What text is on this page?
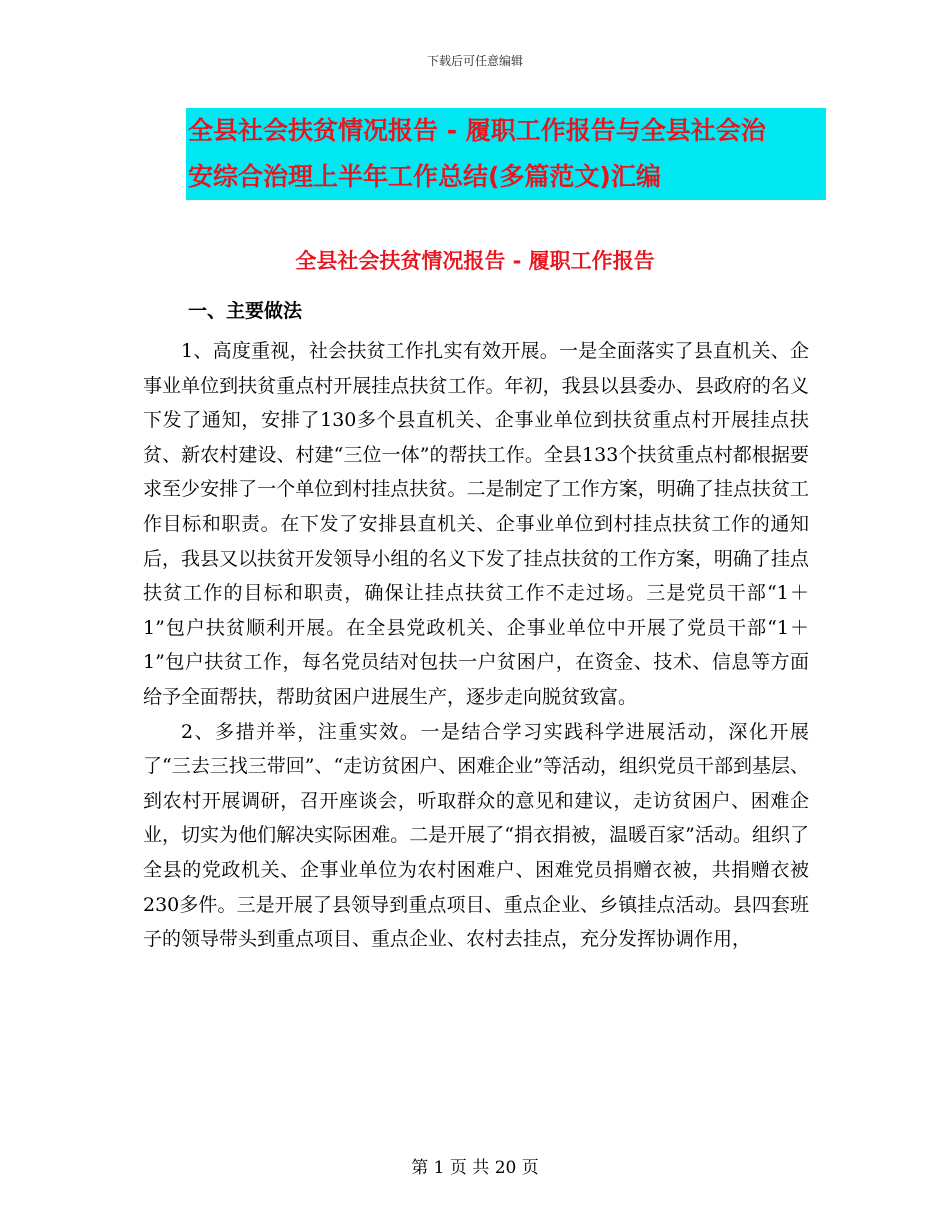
下载后可任意编辑
全县社会扶贫情况报告 - 履职工作报告与全县社会治
安综合治理上半年工作总结(多篇范文)汇编
全县社会扶贫情况报告 - 履职工作报告
一、主要做法

1、高度重视，社会扶贫工作扎实有效开展。一是全面落实了县直机关、企事业单位到扶贫重点村开展挂点扶贫工作。年初，我县以县委办、县政府的名义下发了通知，安排了130多个县直机关、企事业单位到扶贫重点村开展挂点扶贫、新农村建设、村建“三位一体”的帮扶工作。全县133个扶贫重点村都根据要求至少安排了一个单位到村挂点扶贫。二是制定了工作方案，明确了挂点扶贫工作目标和职责。在下发了安排县直机关、企事业单位到村挂点扶贫工作的通知后，我县又以扶贫开发领导小组的名义下发了挂点扶贫的工作方案，明确了挂点扶贫工作的目标和职责，确保让挂点扶贫工作不走过场。三是党员干部“1＋1”包户扶贫顺利开展。在全县党政机关、企事业单位中开展了党员干部“1＋1”包户扶贫工作，每名党员结对包扶一户贫困户，在资金、技术、信息等方面给予全面帮扶，帮助贫困户进展生产，逐步走向脱贫致富。

2、多措并举，注重实效。一是结合学习实践科学进展活动，深化开展了“三去三找三带回”、“走访贫困户、困难企业”等活动，组织党员干部到基层、到农村开展调研，召开座谈会，听取群众的意见和建议，走访贫困户、困难企业，切实为他们解决实际困难。二是开展了“捐衣捐被，温暖百家”活动。组织了全县的党政机关、企事业单位为农村困难户、困难党员捐赠衣被，共捐赠衣被230多件。三是开展了县领导到重点项目、重点企业、乡镇挂点活动。县四套班子的领导带头到重点项目、重点企业、农村去挂点，充分发挥协调作用，

第 1 页 共 20 页
